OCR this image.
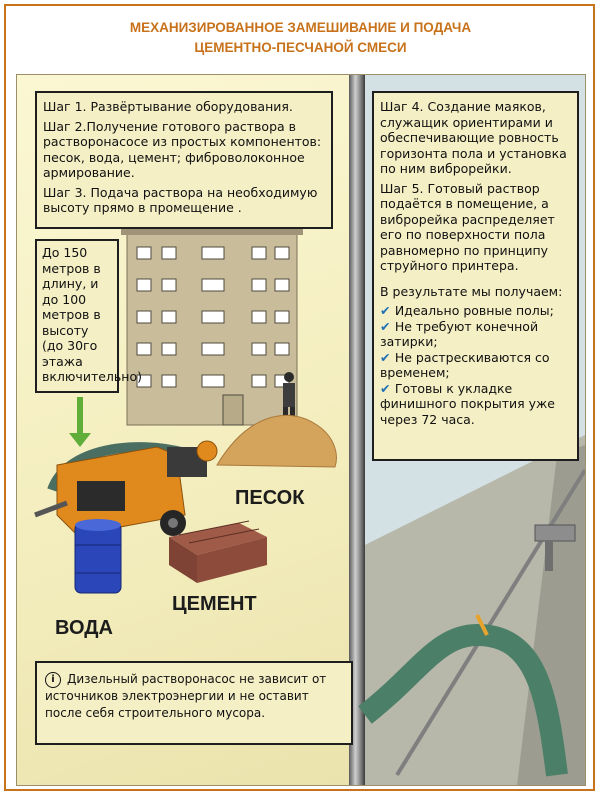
МЕХАНИЗИРОВАННОЕ ЗАМЕШИВАНИЕ И ПОДАЧА
ЦЕМЕНТНО-ПЕСЧАНОЙ СМЕСИ

Шаг 1. Развёртывание оборудования.

Шаг 2.Получение готового раствора в растворонасосе из простых компонентов: песок, вода, цемент; фиброволоконное армирование.

Шаг 3. Подача раствора на необходимую высоту прямо в промещение .

До 150 метров в длину, и до 100 метров в высоту (до 30го этажа включительно)

Шаг 4. Создание маяков, служащик ориентирами и обеспечивающие ровность горизонта пола и установка по ним виброрейки.

Шаг 5. Готовый раствор подаётся в помещение, а виброрейка распределяет его по поверхности пола равномерно по принципу струйного принтера.

В результате мы получаем:

✔ Идеально ровные полы;
✔ Не требуют конечной затирки;
✔ Не растрескиваются со временем;
✔ Готовы к укладке финишного покрытия уже через 72 часа.
ПЕСОК
ЦЕМЕНТ
ВОДА
i Дизельный растворонасос не зависит от источников электроэнергии и не оставит после себя строительного мусора.
